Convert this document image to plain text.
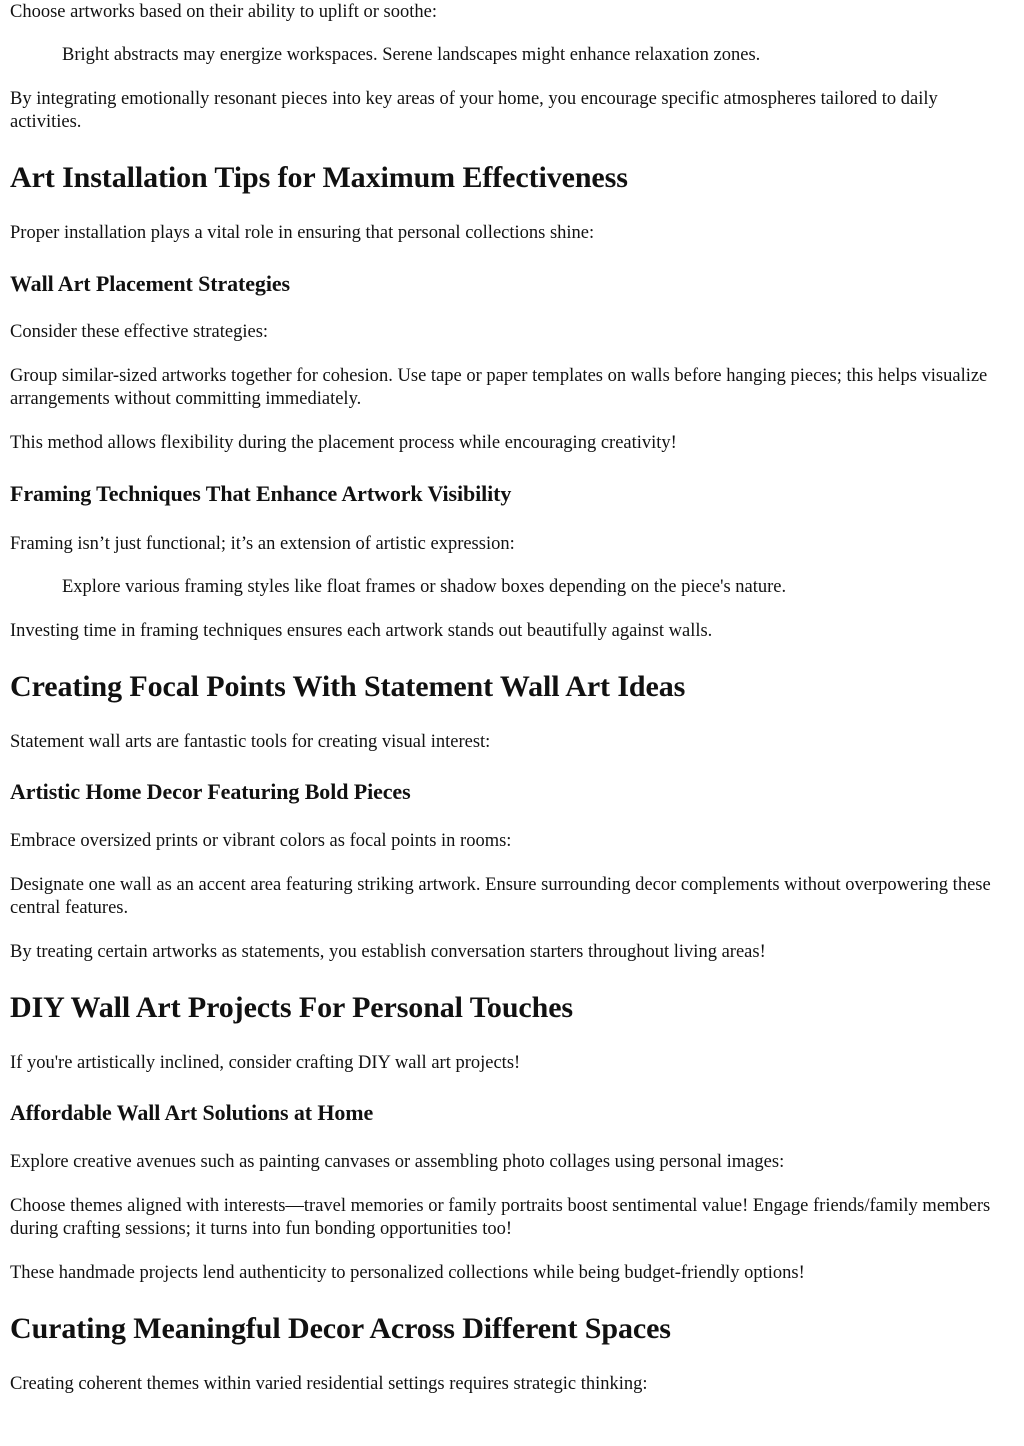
Choose artworks based on their ability to uplift or soothe:

Bright abstracts may energize workspaces. Serene landscapes might enhance relaxation zones.

By integrating emotionally resonant pieces into key areas of your home, you encourage specific atmospheres tailored to daily activities.

Art Installation Tips for Maximum Effectiveness

Proper installation plays a vital role in ensuring that personal collections shine:

Wall Art Placement Strategies

Consider these effective strategies:

Group similar-sized artworks together for cohesion. Use tape or paper templates on walls before hanging pieces; this helps visualize arrangements without committing immediately.

This method allows flexibility during the placement process while encouraging creativity!

Framing Techniques That Enhance Artwork Visibility

Framing isn’t just functional; it’s an extension of artistic expression:

Explore various framing styles like float frames or shadow boxes depending on the piece's nature.

Investing time in framing techniques ensures each artwork stands out beautifully against walls.

Creating Focal Points With Statement Wall Art Ideas

Statement wall arts are fantastic tools for creating visual interest:

Artistic Home Decor Featuring Bold Pieces

Embrace oversized prints or vibrant colors as focal points in rooms:

Designate one wall as an accent area featuring striking artwork. Ensure surrounding decor complements without overpowering these central features.

By treating certain artworks as statements, you establish conversation starters throughout living areas!

DIY Wall Art Projects For Personal Touches

If you're artistically inclined, consider crafting DIY wall art projects!

Affordable Wall Art Solutions at Home

Explore creative avenues such as painting canvases or assembling photo collages using personal images:

Choose themes aligned with interests—travel memories or family portraits boost sentimental value! Engage friends/family members during crafting sessions; it turns into fun bonding opportunities too!

These handmade projects lend authenticity to personalized collections while being budget-friendly options!

Curating Meaningful Decor Across Different Spaces

Creating coherent themes within varied residential settings requires strategic thinking:
